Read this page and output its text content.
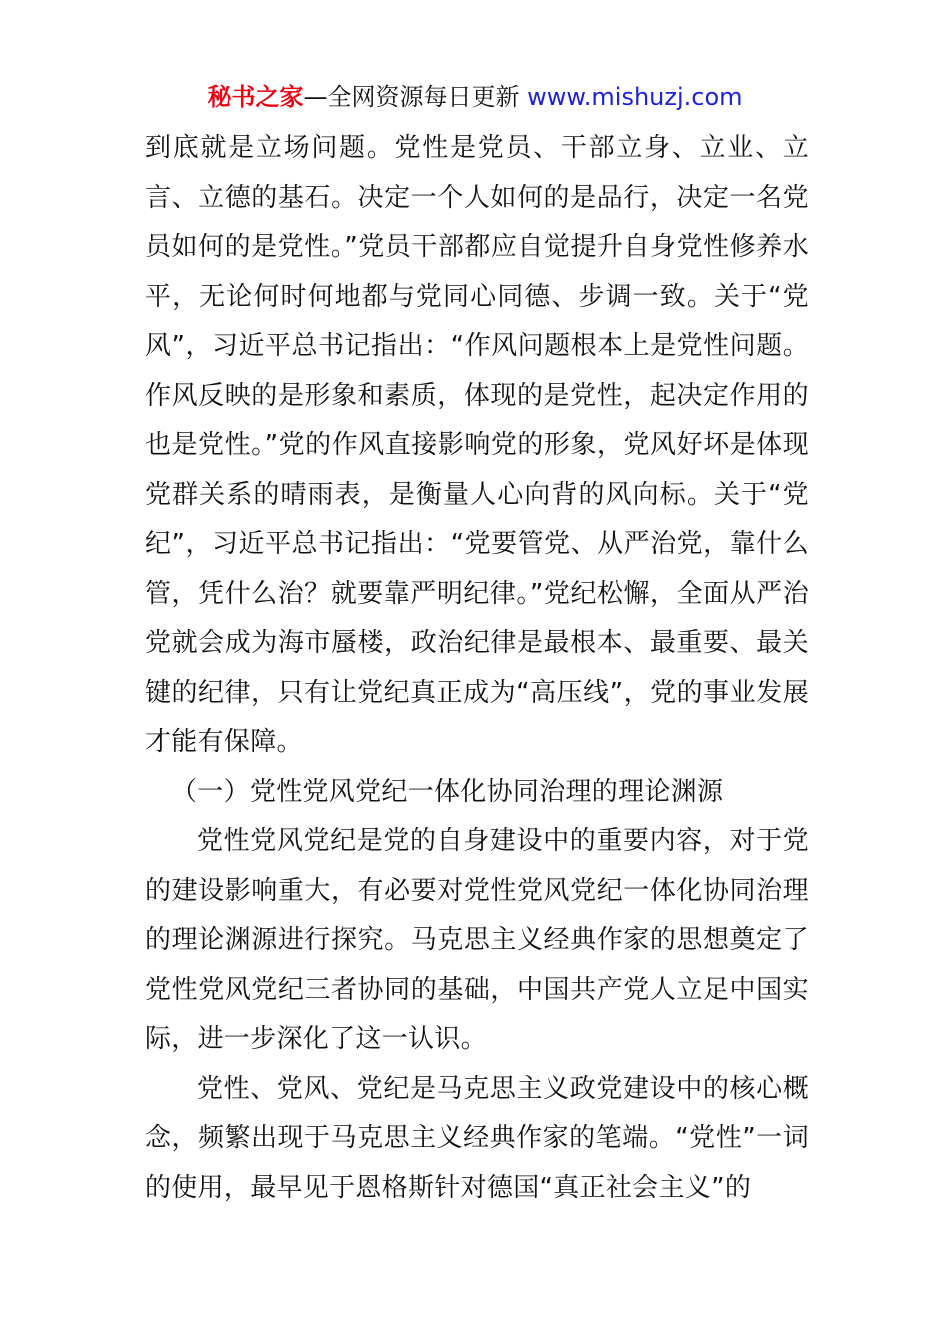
秘书之家—全网资源每日更新 www.mishuzj.com

到底就是立场问题。党性是党员、干部立身、立业、立言、立德的基石。决定一个人如何的是品行，决定一名党员如何的是党性。”党员干部都应自觉提升自身党性修养水平，无论何时何地都与党同心同德、步调一致。关于“党风”，习近平总书记指出：“作风问题根本上是党性问题。作风反映的是形象和素质，体现的是党性，起决定作用的也是党性。”党的作风直接影响党的形象，党风好坏是体现党群关系的晴雨表，是衡量人心向背的风向标。关于“党纪”，习近平总书记指出：“党要管党、从严治党，靠什么管，凭什么治？就要靠严明纪律。”党纪松懈，全面从严治党就会成为海市蜃楼，政治纪律是最根本、最重要、最关键的纪律，只有让党纪真正成为“高压线”，党的事业发展才能有保障。

（一）党性党风党纪一体化协同治理的理论渊源

党性党风党纪是党的自身建设中的重要内容，对于党的建设影响重大，有必要对党性党风党纪一体化协同治理的理论渊源进行探究。马克思主义经典作家的思想奠定了党性党风党纪三者协同的基础，中国共产党人立足中国实际，进一步深化了这一认识。

党性、党风、党纪是马克思主义政党建设中的核心概念，频繁出现于马克思主义经典作家的笔端。“党性”一词的使用，最早见于恩格斯针对德国“真正社会主义”的
